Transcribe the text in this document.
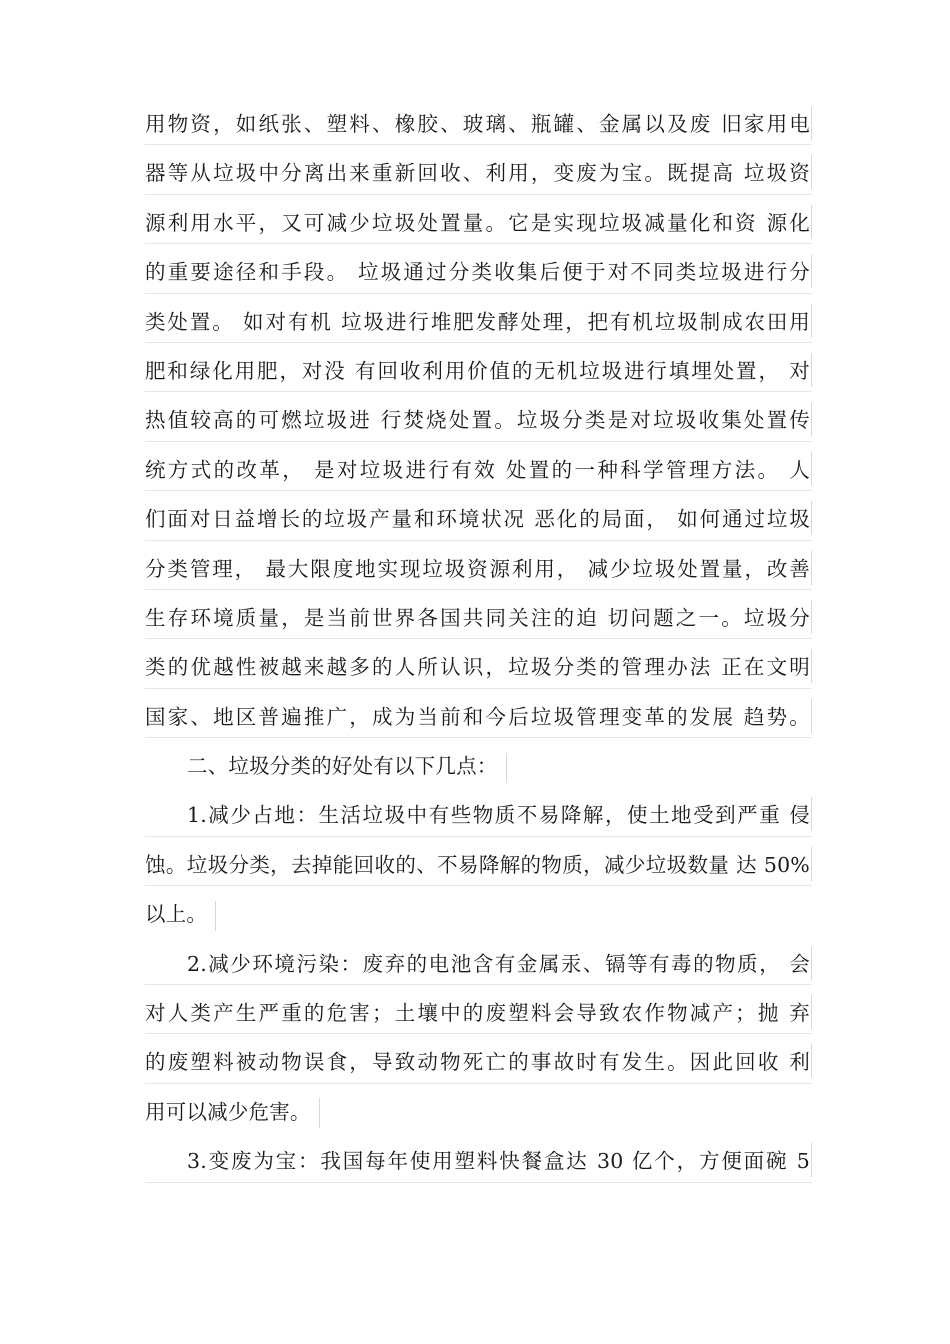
用物资，如纸张、塑料、橡胶、玻璃、瓶罐、金属以及废 旧家用电
器等从垃圾中分离出来重新回收、利用，变废为宝。既提高 垃圾资
源利用水平，又可减少垃圾处置量。它是实现垃圾减量化和资 源化
的重要途径和手段。 垃圾通过分类收集后便于对不同类垃圾进行分
类处置。 如对有机 垃圾进行堆肥发酵处理，把有机垃圾制成农田用
肥和绿化用肥，对没 有回收利用价值的无机垃圾进行填埋处置， 对
热值较高的可燃垃圾进 行焚烧处置。垃圾分类是对垃圾收集处置传
统方式的改革， 是对垃圾进行有效 处置的一种科学管理方法。 人
们面对日益增长的垃圾产量和环境状况 恶化的局面， 如何通过垃圾
分类管理， 最大限度地实现垃圾资源利用， 减少垃圾处置量，改善
生存环境质量，是当前世界各国共同关注的迫 切问题之一。垃圾分
类的优越性被越来越多的人所认识，垃圾分类的管理办法 正在文明
国家、地区普遍推广，成为当前和今后垃圾管理变革的发展 趋势。
二、垃圾分类的好处有以下几点：
1.减少占地：生活垃圾中有些物质不易降解，使土地受到严重 侵
蚀。垃圾分类，去掉能回收的、不易降解的物质，减少垃圾数量 达 50%
以上。
2.减少环境污染：废弃的电池含有金属汞、镉等有毒的物质， 会
对人类产生严重的危害；土壤中的废塑料会导致农作物减产；抛 弃
的废塑料被动物误食，导致动物死亡的事故时有发生。因此回收 利
用可以减少危害。
3.变废为宝：我国每年使用塑料快餐盒达 30 亿个，方便面碗 5
